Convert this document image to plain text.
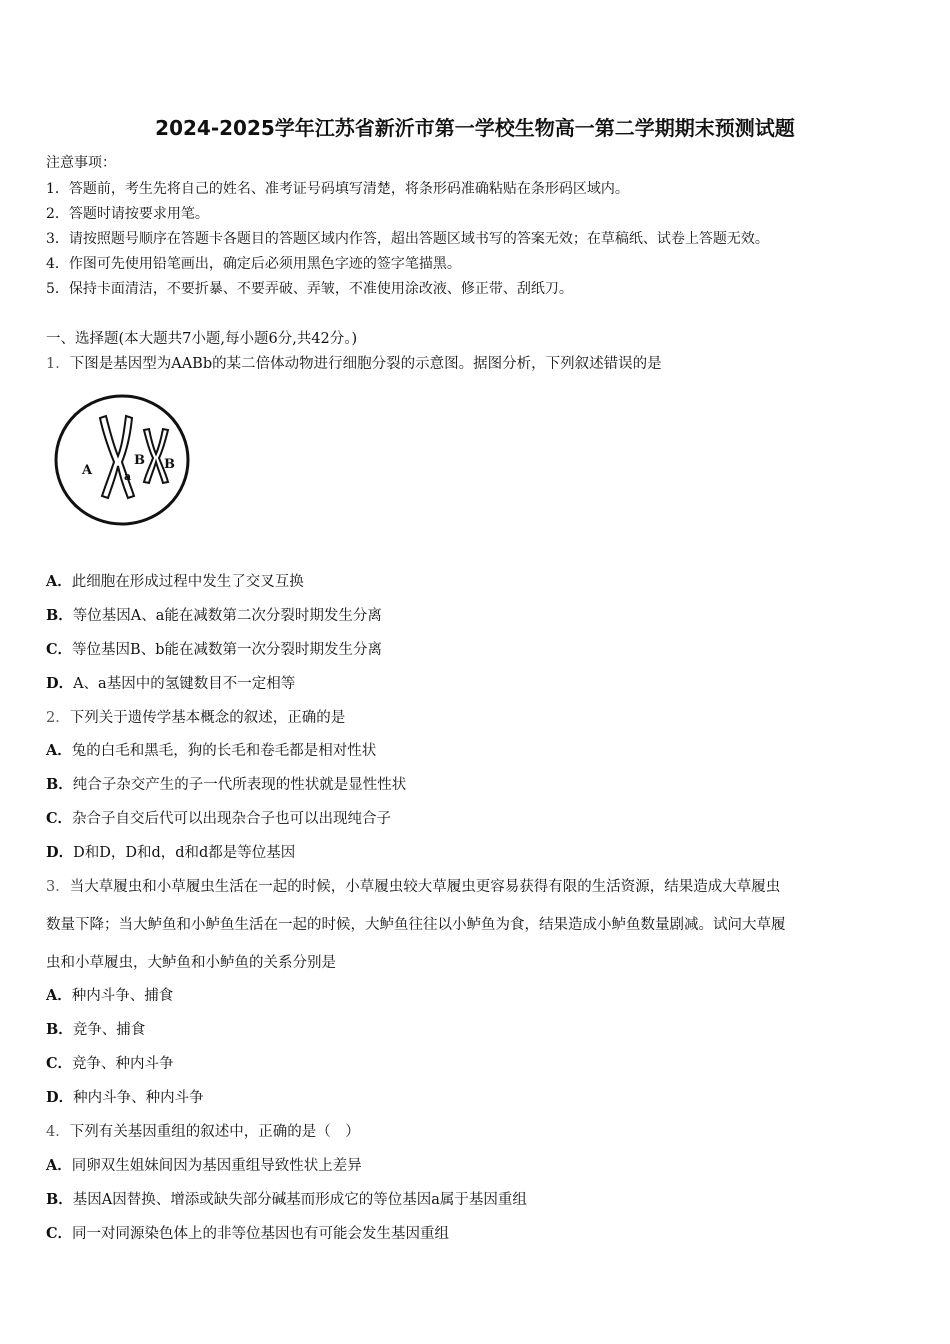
2024-2025学年江苏省新沂市第一学校生物高一第二学期期末预测试题
注意事项：
1．答题前，考生先将自己的姓名、准考证号码填写清楚，将条形码准确粘贴在条形码区域内。
2．答题时请按要求用笔。
3．请按照题号顺序在答题卡各题目的答题区域内作答，超出答题区域书写的答案无效；在草稿纸、试卷上答题无效。
4．作图可先使用铅笔画出，确定后必须用黑色字迹的签字笔描黑。
5．保持卡面清洁，不要折暴、不要弄破、弄皱，不准使用涂改液、修正带、刮纸刀。
一、选择题(本大题共7小题,每小题6分,共42分。)
1．下图是基因型为AABb的某二倍体动物进行细胞分裂的示意图。据图分析，下列叙述错误的是
A	a
B B
A．此细胞在形成过程中发生了交叉互换
B．等位基因A、a能在减数第二次分裂时期发生分离
C．等位基因B、b能在减数第一次分裂时期发生分离
D．A、a基因中的氢键数目不一定相等
2．下列关于遗传学基本概念的叙述，正确的是
A．兔的白毛和黑毛，狗的长毛和卷毛都是相对性状
B．纯合子杂交产生的子一代所表现的性状就是显性性状
C．杂合子自交后代可以出现杂合子也可以出现纯合子
D．D和D，D和d，d和d都是等位基因
3．当大草履虫和小草履虫生活在一起的时候，小草履虫较大草履虫更容易获得有限的生活资源，结果造成大草履虫
数量下降；当大鲈鱼和小鲈鱼生活在一起的时候，大鲈鱼往往以小鲈鱼为食，结果造成小鲈鱼数量剧减。试问大草履
虫和小草履虫，大鲈鱼和小鲈鱼的关系分别是
A．种内斗争、捕食
B．竞争、捕食
C．竞争、种内斗争
D．种内斗争、种内斗争
4．下列有关基因重组的叙述中，正确的是（　）
A．同卵双生姐妹间因为基因重组导致性状上差异
B．基因A因替换、增添或缺失部分碱基而形成它的等位基因a属于基因重组
C．同一对同源染色体上的非等位基因也有可能会发生基因重组
